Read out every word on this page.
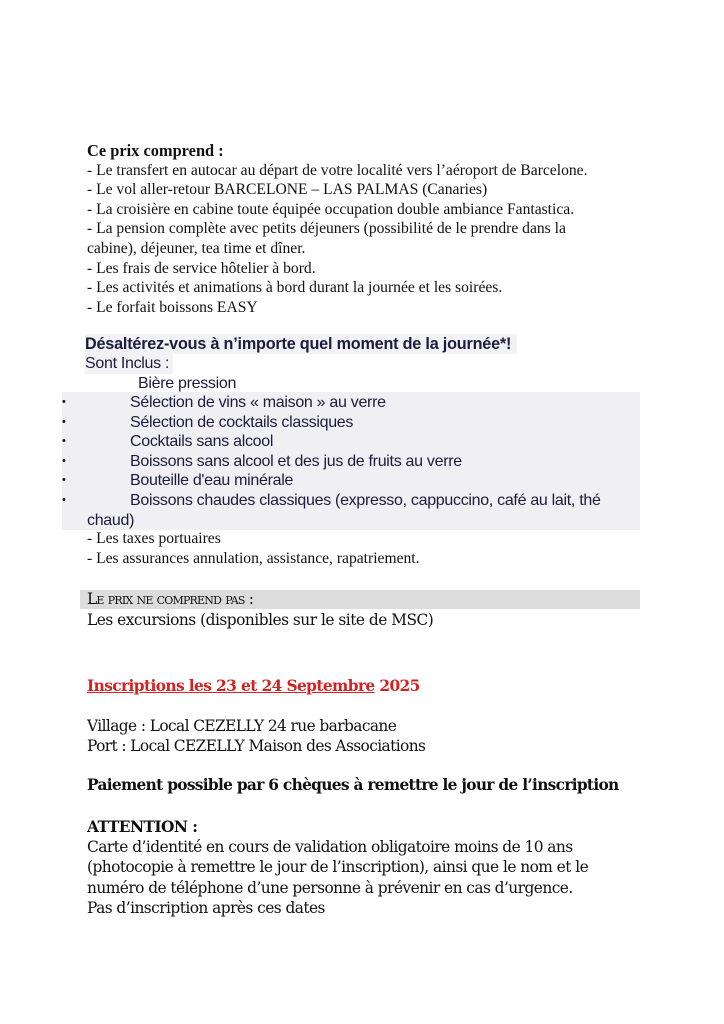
Ce prix comprend :
- Le transfert en autocar au départ de votre localité vers l’aéroport de Barcelone.
- Le vol aller-retour BARCELONE – LAS PALMAS (Canaries)
- La croisière en cabine toute équipée occupation double ambiance Fantastica.
- La pension complète avec petits déjeuners (possibilité de le prendre dans la
cabine), déjeuner, tea time et dîner.
- Les frais de service hôtelier à bord.
- Les activités et animations à bord durant la journée et les soirées.
- Le forfait boissons EASY
Désaltérez-vous à n’importe quel moment de la journée*!
Sont Inclus :
Bière pression
•	Sélection de vins « maison » au verre
•	Sélection de cocktails classiques
•	Cocktails sans alcool
•	Boissons sans alcool et des jus de fruits au verre
•	Bouteille d'eau minérale
•	Boissons chaudes classiques (expresso, cappuccino, café au lait, thé
chaud)
- Les taxes portuaires
- Les assurances annulation, assistance, rapatriement.
Le prix ne comprend pas :
Les excursions (disponibles sur le site de MSC)
Inscriptions les 23 et 24 Septembre 2025
Village : Local CEZELLY 24 rue barbacane
Port : Local CEZELLY Maison des Associations
Paiement possible par 6 chèques à remettre le jour de l’inscription
ATTENTION :
Carte d’identité en cours de validation obligatoire moins de 10 ans
(photocopie à remettre le jour de l’inscription), ainsi que le nom et le
numéro de téléphone d’une personne à prévenir en cas d’urgence.
Pas d’inscription après ces dates
